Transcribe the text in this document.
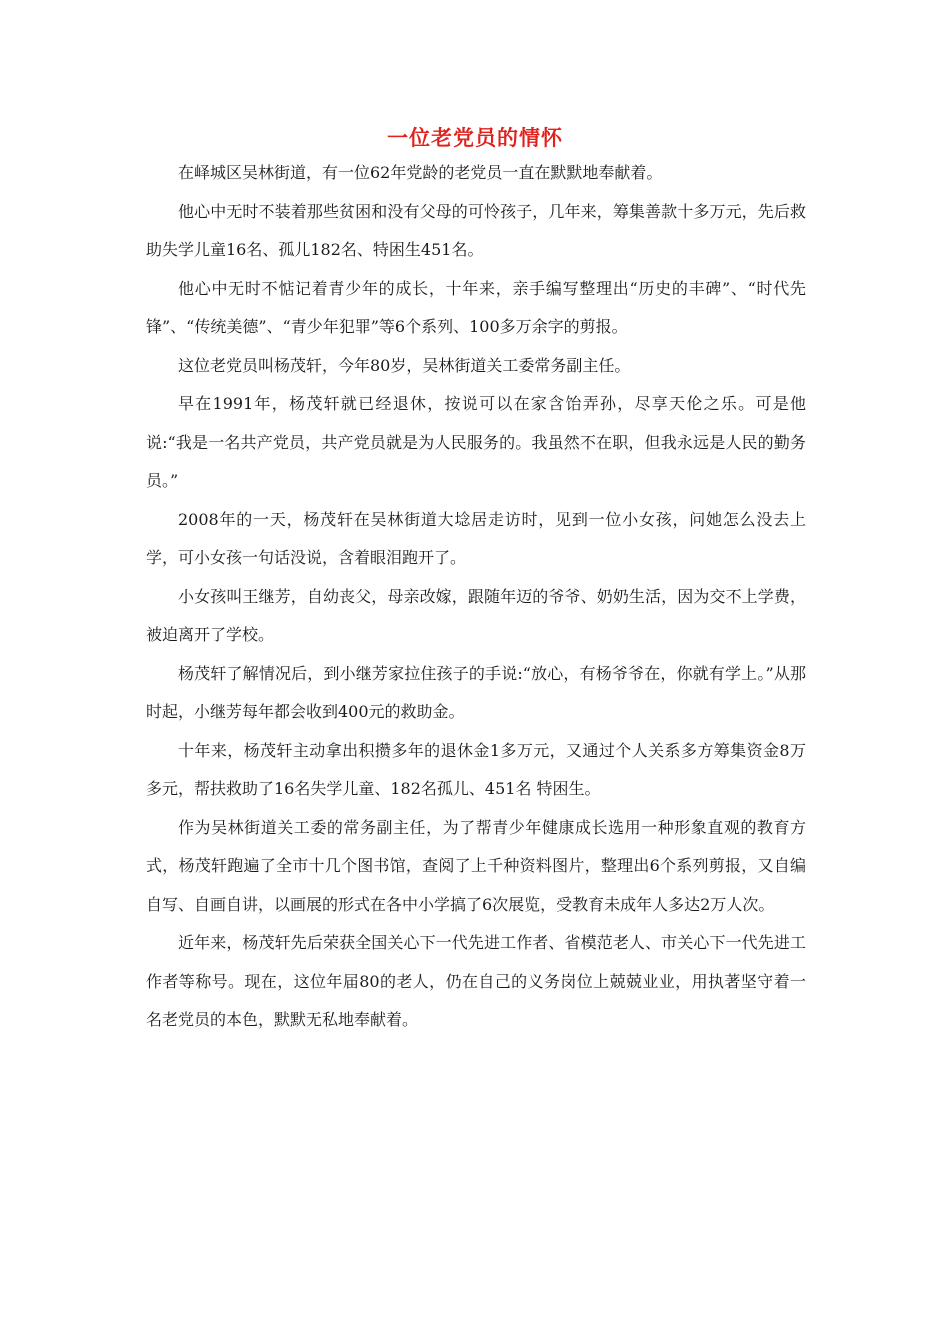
一位老党员的情怀

在峄城区吴林街道，有一位62年党龄的老党员一直在默默地奉献着。

他心中无时不装着那些贫困和没有父母的可怜孩子，几年来，筹集善款十多万元，先后救助失学儿童16名、孤儿182名、特困生451名。

他心中无时不惦记着青少年的成长，十年来，亲手编写整理出“历史的丰碑”、“时代先锋”、“传统美德”、“青少年犯罪”等6个系列、100多万余字的剪报。

这位老党员叫杨茂轩，今年80岁，吴林街道关工委常务副主任。

早在1991年，杨茂轩就已经退休，按说可以在家含饴弄孙，尽享天伦之乐。可是他说:“我是一名共产党员，共产党员就是为人民服务的。我虽然不在职，但我永远是人民的勤务员。”

2008年的一天，杨茂轩在吴林街道大埝居走访时，见到一位小女孩，问她怎么没去上学，可小女孩一句话没说，含着眼泪跑开了。

小女孩叫王继芳，自幼丧父，母亲改嫁，跟随年迈的爷爷、奶奶生活，因为交不上学费，被迫离开了学校。

杨茂轩了解情况后，到小继芳家拉住孩子的手说:“放心，有杨爷爷在，你就有学上。”从那时起，小继芳每年都会收到400元的救助金。

十年来，杨茂轩主动拿出积攒多年的退休金1多万元，又通过个人关系多方筹集资金8万多元，帮扶救助了16名失学儿童、182名孤儿、451名 特困生。

作为吴林街道关工委的常务副主任，为了帮青少年健康成长选用一种形象直观的教育方式，杨茂轩跑遍了全市十几个图书馆，查阅了上千种资料图片，整理出6个系列剪报，又自编自写、自画自讲，以画展的形式在各中小学搞了6次展览，受教育未成年人多达2万人次。

近年来，杨茂轩先后荣获全国关心下一代先进工作者、省模范老人、市关心下一代先进工作者等称号。现在，这位年届80的老人，仍在自己的义务岗位上兢兢业业，用执著坚守着一名老党员的本色，默默无私地奉献着。
